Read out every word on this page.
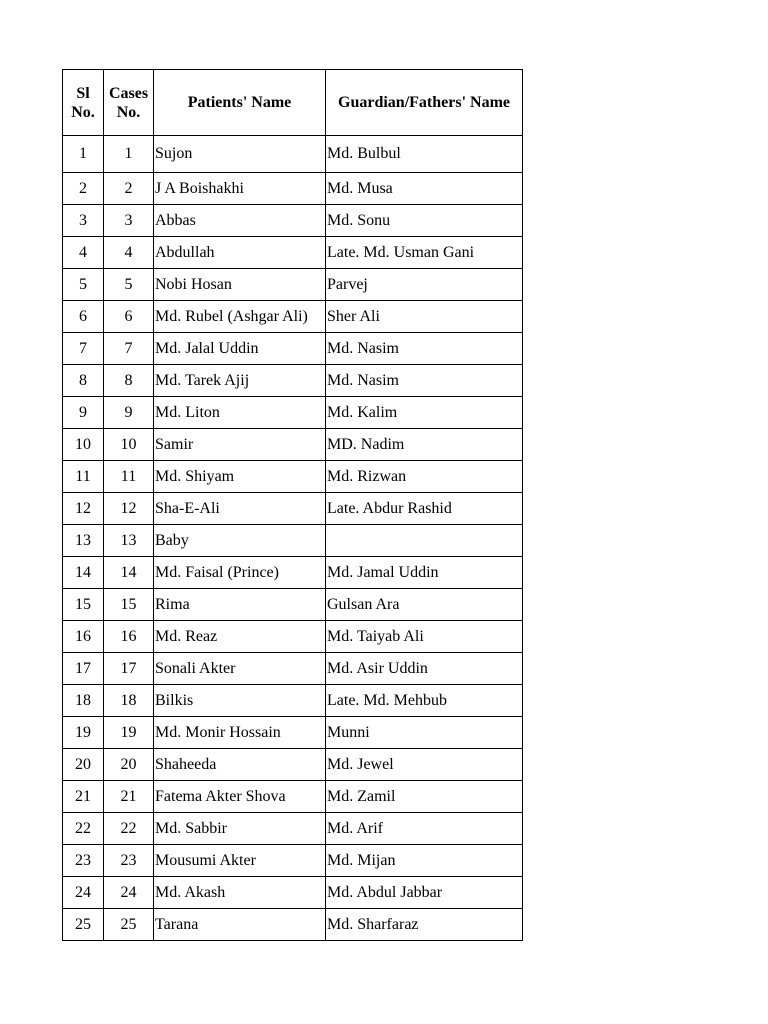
Sl No.	Cases No.	Patients' Name	Guardian/Fathers' Name
1	1	Sujon	Md. Bulbul
2	2	J A Boishakhi	Md. Musa
3	3	Abbas	Md. Sonu
4	4	Abdullah	Late. Md. Usman Gani
5	5	Nobi Hosan	Parvej
6	6	Md. Rubel (Ashgar Ali)	Sher Ali
7	7	Md. Jalal Uddin	Md. Nasim
8	8	Md. Tarek Ajij	Md. Nasim
9	9	Md. Liton	Md. Kalim
10	10	Samir	MD. Nadim
11	11	Md. Shiyam	Md. Rizwan
12	12	Sha-E-Ali	Late. Abdur Rashid
13	13	Baby	
14	14	Md. Faisal (Prince)	Md. Jamal Uddin
15	15	Rima	Gulsan Ara
16	16	Md. Reaz	Md. Taiyab Ali
17	17	Sonali Akter	Md. Asir Uddin
18	18	Bilkis	Late. Md. Mehbub
19	19	Md. Monir Hossain	Munni
20	20	Shaheeda	Md. Jewel
21	21	Fatema Akter Shova	Md. Zamil
22	22	Md. Sabbir	Md. Arif
23	23	Mousumi Akter	Md. Mijan
24	24	Md. Akash	Md. Abdul Jabbar
25	25	Tarana	Md. Sharfaraz
